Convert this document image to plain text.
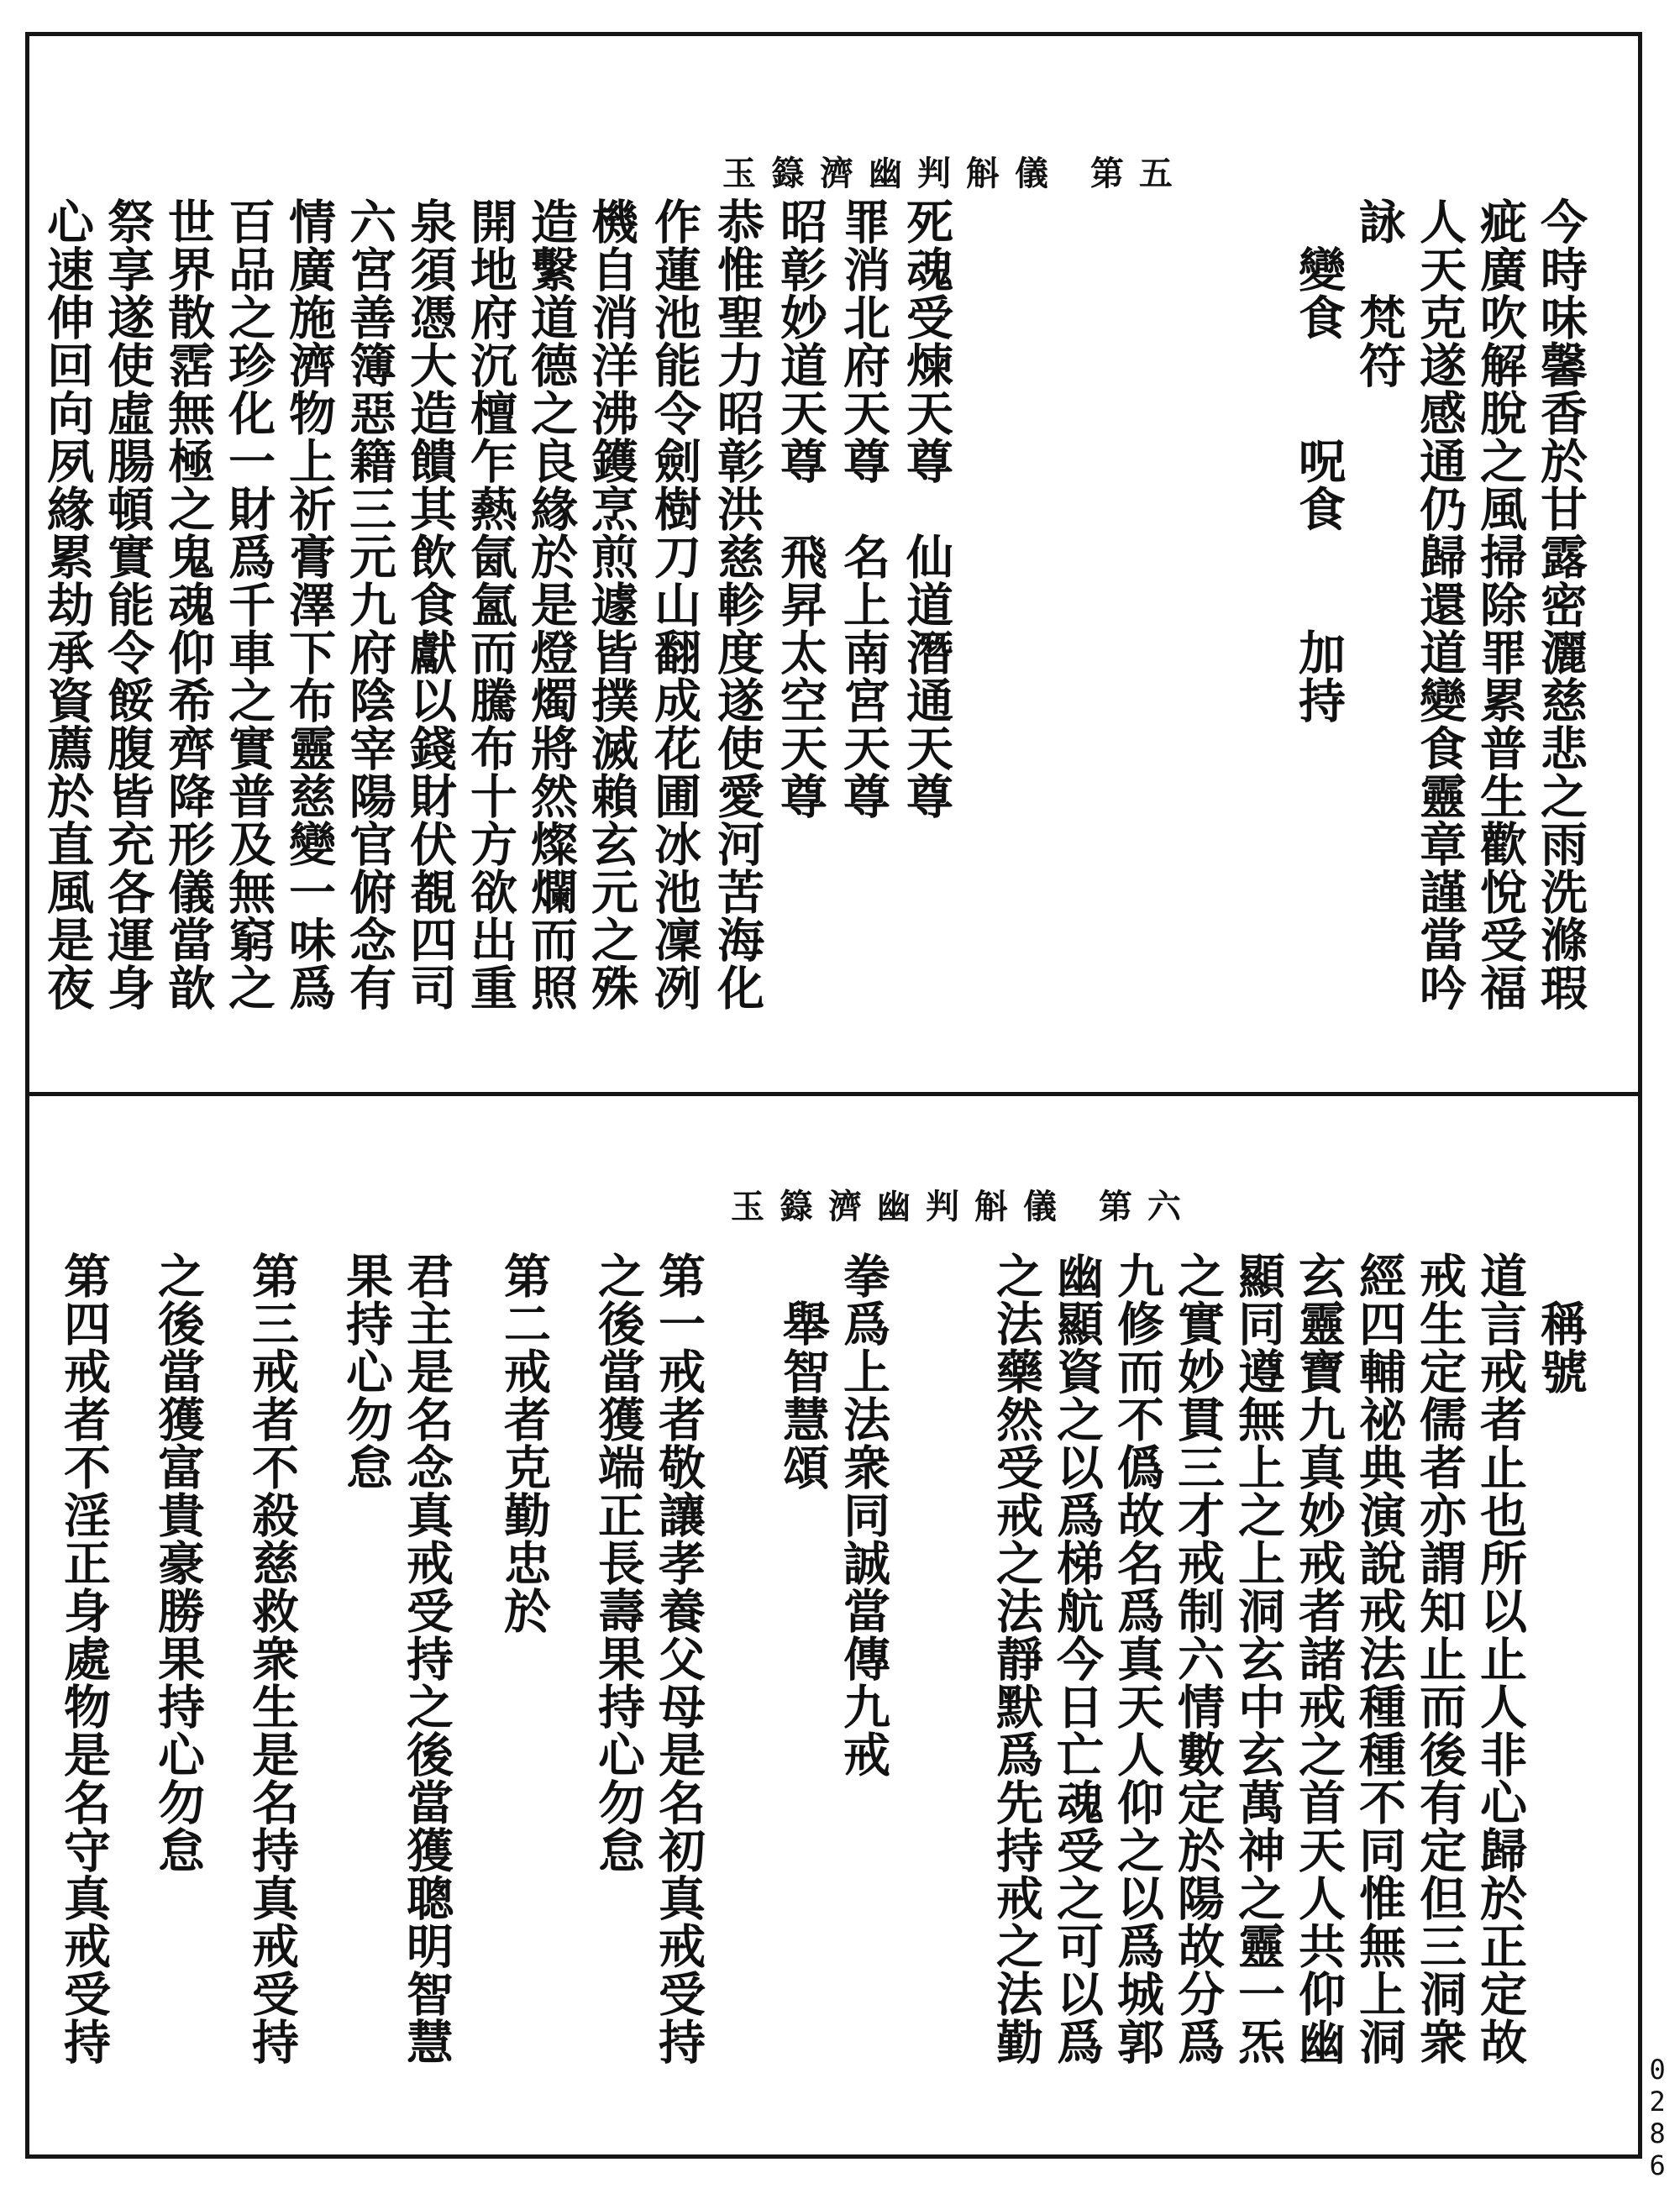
玉籙濟幽判斛儀 第五
死魂受煉天尊　仙道潛通天尊
罪消北府天尊　名上南宮天尊
昭彰妙道天尊　飛昇太空天尊
恭惟聖力昭彰洪慈軫度遂使愛河苦海化
作蓮池能令劍樹刀山翻成花圃冰池凜冽
機自消洋沸鑊烹煎遽皆撲滅賴玄元之殊
造繫道德之良緣於是燈燭將然燦爛而照
開地府沉檀乍爇氤氳而騰布十方欲出重
泉須憑大造饋其飲食獻以錢財伏覩四司
六宮善簿惡籍三元九府陰宰陽官俯念有
情廣施濟物上祈膏澤下布靈慈變一味爲
百品之珍化一財爲千車之實普及無窮之
世界散霑無極之鬼魂仰希齊降形儀當歆
祭享遂使虛腸頓實能令餒腹皆充各運身
心速伸回向夙緣累劫承資薦於直風是夜	今時味馨香於甘露密灑慈悲之雨洗滌瑕
疵廣吹解脫之風掃除罪累普生歡悅受福
人天克遂感通仍歸還道變食靈章謹當吟
詠　梵符
　變食　　呪食　　加持
玉籙濟幽判斛儀 第六
　稱號
道言戒者止也所以止人非心歸於正定故
戒生定儒者亦謂知止而後有定但三洞衆
經四輔祕典演說戒法種種不同惟無上洞
玄靈寶九真妙戒者諸戒之首天人共仰幽
顯同遵無上之上洞玄中玄萬神之靈一炁
之實妙貫三才戒制六情數定於陽故分爲
九修而不僞故名爲真天人仰之以爲城郭
幽顯資之以爲梯航今日亡魂受之可以爲
之法藥然受戒之法靜默爲先持戒之法勤
拳爲上法衆同誠當傳九戒
　舉智慧頌
第一戒者敬讓孝養父母是名初真戒受持
之後當獲端正長壽果持心勿怠
第二戒者克勤忠於
君主是名念真戒受持之後當獲聰明智慧
果持心勿怠
第三戒者不殺慈救衆生是名持真戒受持
之後當獲富貴豪勝果持心勿怠
第四戒者不淫正身處物是名守真戒受持
0286
